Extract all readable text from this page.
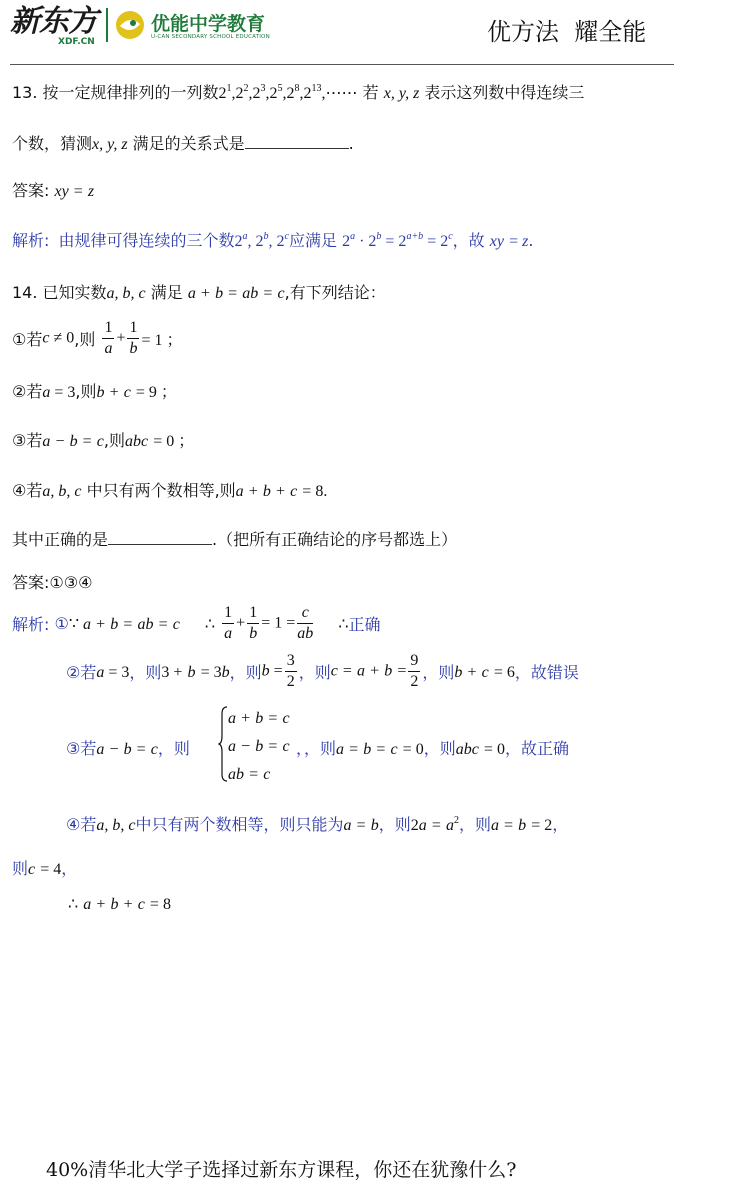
新东方
XDF.CN
优能中学教育
U-CAN SECONDARY SCHOOL EDUCATION	优方法  耀全能
13. 按一定规律排列的一列数$2^1,2^2,2^3,2^5,2^8,2^{13},\cdots\cdots$ 若 x, y, z 表示这列数中得连续三
个数，猜测x, y, z 满足的关系式是	.
答案: xy = z
解析: 由规律可得连续的三个数2$^a$, 2$^b$, 2$^c$应满足 $2^a \cdot 2^b = 2^{a+b} = 2^c$，故 xy = z.
14. 已知实数a, b, c 满足 a + b = ab = c,有下列结论：
①若c ≠ 0,则 $\frac{1}{a} + \frac{1}{b} = 1$ ；
②若a = 3,则b + c = 9 ；
③若a − b = c,则abc = 0 ；
④若a, b, c 中只有两个数相等,则a + b + c = 8.
其中正确的是	.（把所有正确结论的序号都选上）
答案:①③④
解析: ①∵ a + b = ab = c ∴ $\frac{1}{a} + \frac{1}{b} = 1 = \frac{c}{ab}$ ∴正确
②若a = 3，则3 + b = 3b，则$b = \frac{3}{2}$ ，则$c = a + b = \frac{9}{2}$ ，则b + c = 6，故错误
③若a − b = c，则
a + b = c
a − b = c
ab = c
，，则a = b = c = 0，则abc = 0，故正确
④若a, b, c中只有两个数相等，则只能为a = b，则$2a = a^2$，则a = b = 2，
则c = 4，
∴ a + b + c = 8
40%清华北大学子选择过新东方课程，你还在犹豫什么?
